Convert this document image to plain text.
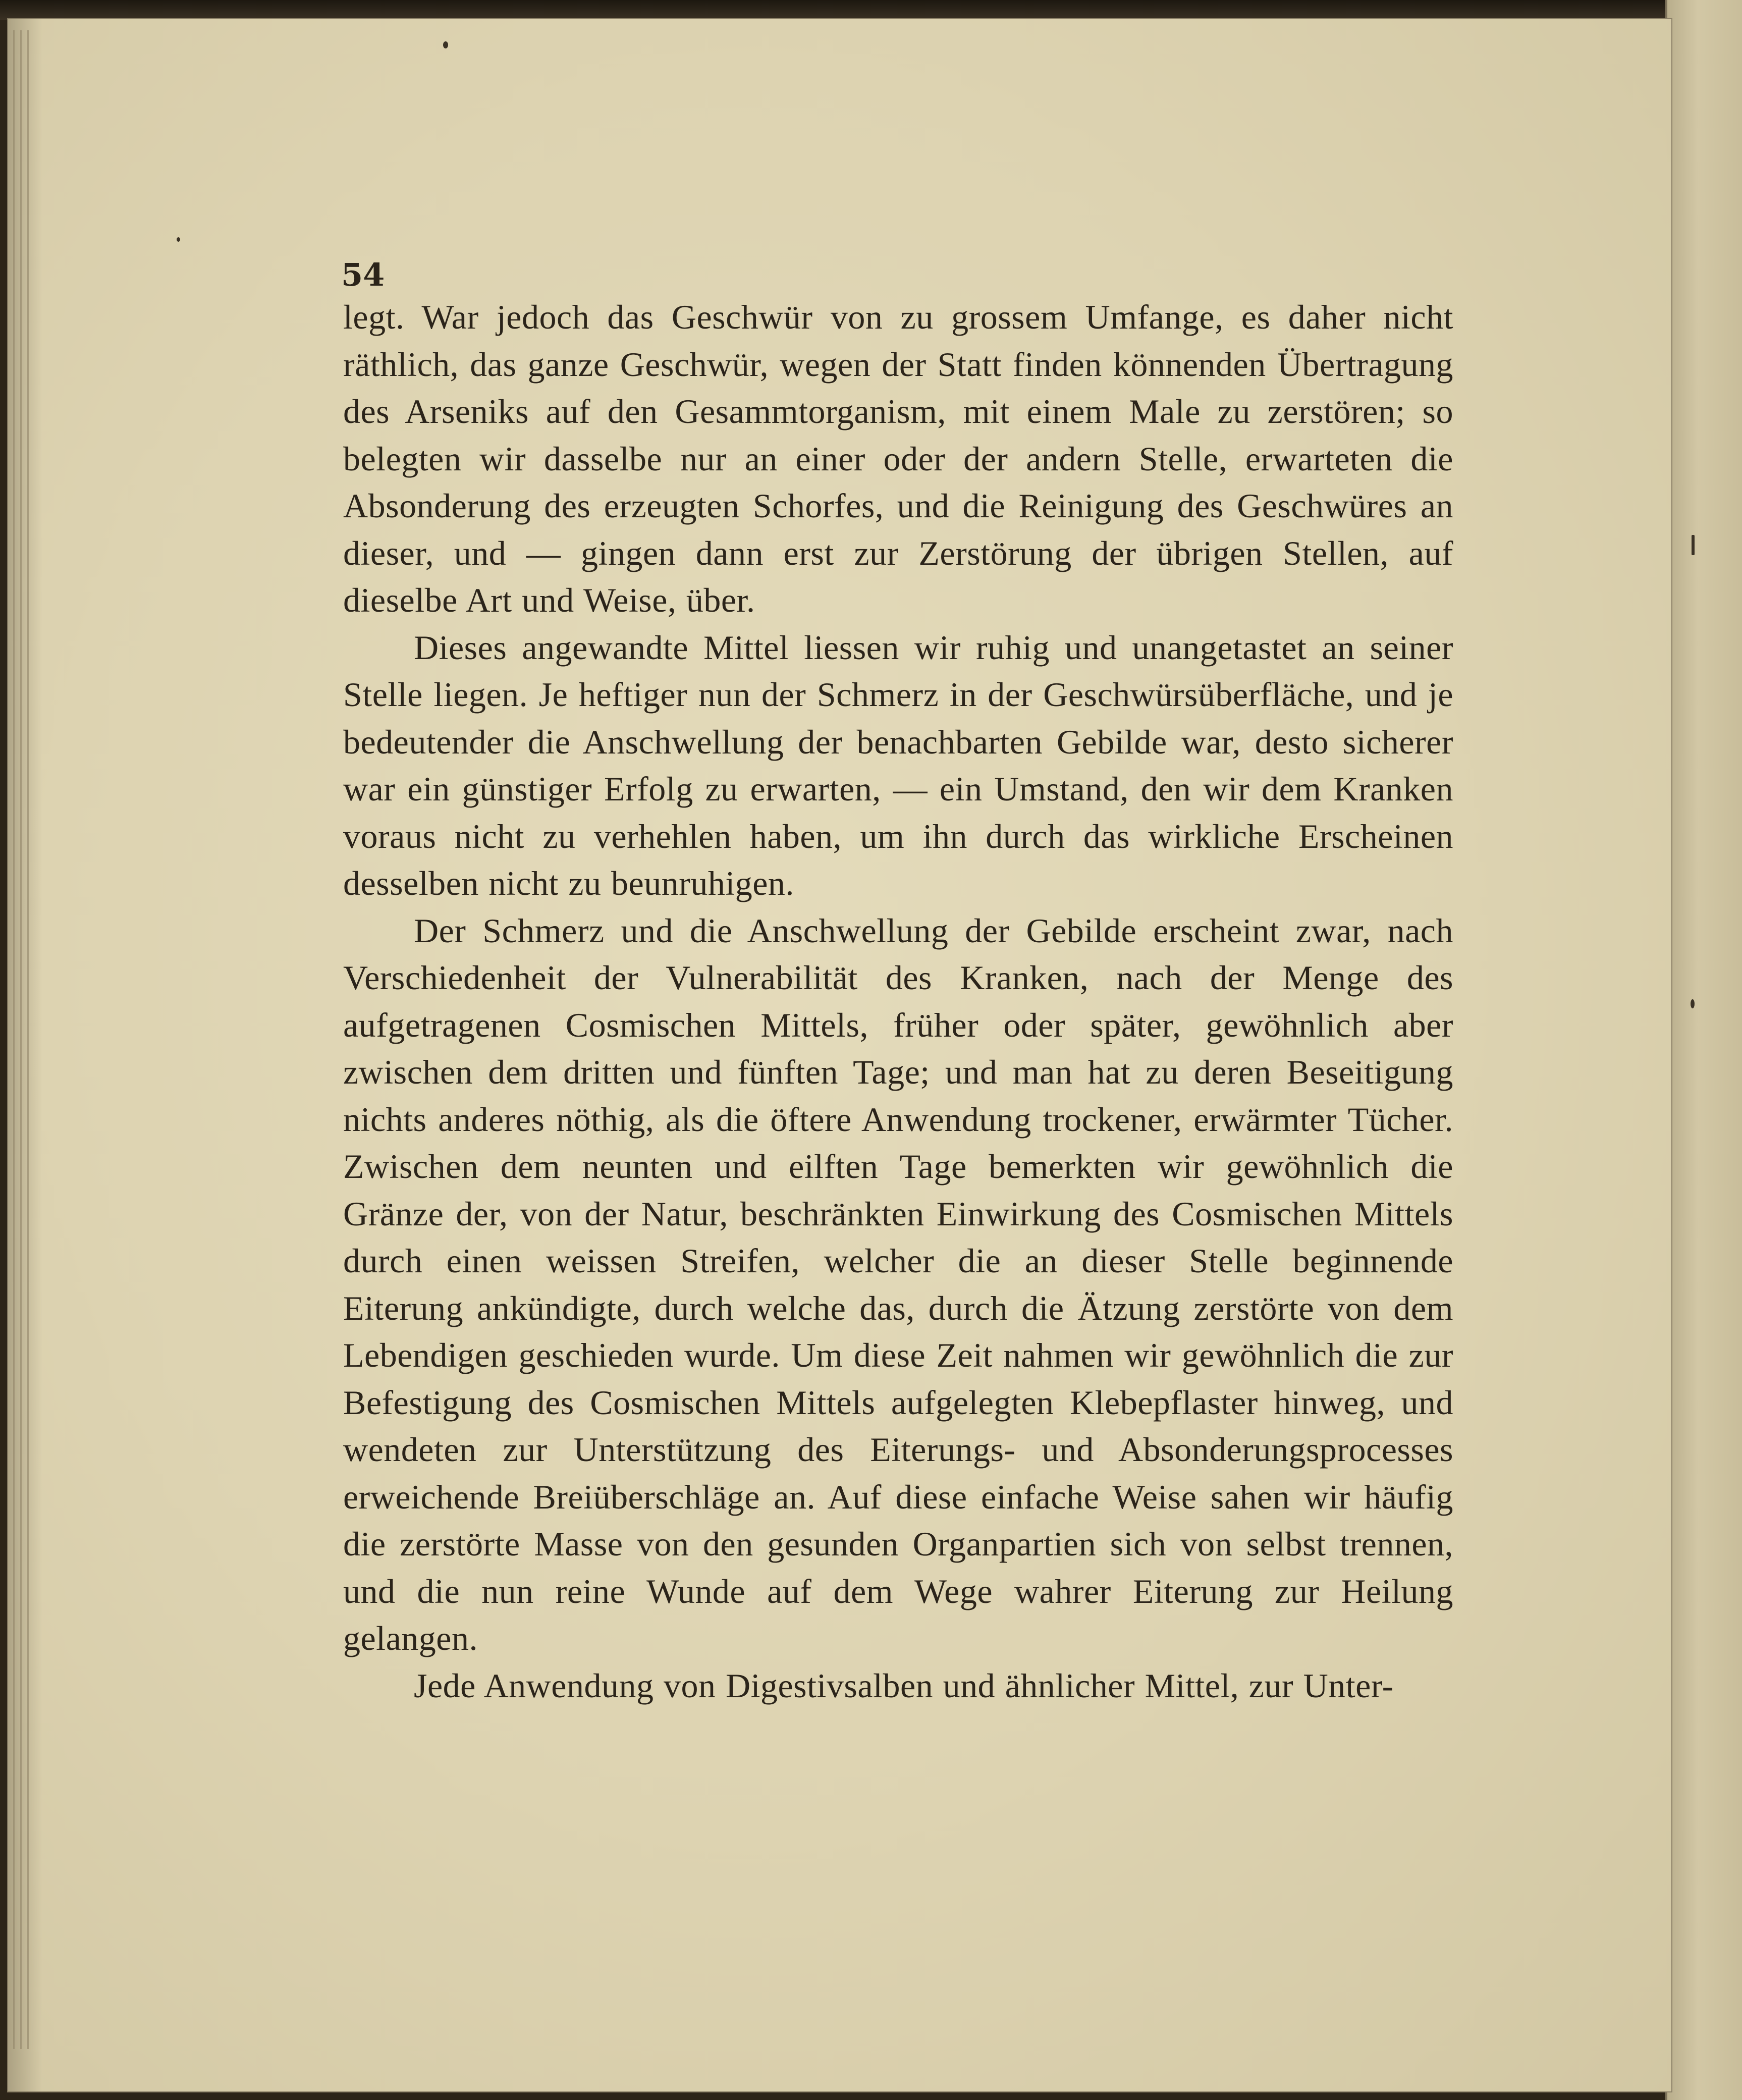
54

legt. War jedoch das Geschwür von zu grossem Umfange, es daher nicht räthlich, das ganze Geschwür, wegen der Statt finden könnenden Übertragung des Arseniks auf den Gesammtorganism, mit einem Male zu zerstören; so belegten wir dasselbe nur an einer oder der andern Stelle, erwarteten die Absonderung des erzeugten Schorfes, und die Reinigung des Geschwüres an dieser, und — gingen dann erst zur Zerstörung der übrigen Stellen, auf dieselbe Art und Weise, über.

Dieses angewandte Mittel liessen wir ruhig und unangetastet an seiner Stelle liegen. Je heftiger nun der Schmerz in der Geschwürsüberfläche, und je bedeutender die Anschwellung der benachbarten Gebilde war, desto sicherer war ein günstiger Erfolg zu erwarten, — ein Umstand, den wir dem Kranken voraus nicht zu verhehlen haben, um ihn durch das wirkliche Erscheinen desselben nicht zu beunruhigen.

Der Schmerz und die Anschwellung der Gebilde erscheint zwar, nach Verschiedenheit der Vulnerabilität des Kranken, nach der Menge des aufgetragenen Cosmischen Mittels, früher oder später, gewöhnlich aber zwischen dem dritten und fünften Tage; und man hat zu deren Beseitigung nichts anderes nöthig, als die öftere Anwendung trockener, erwärmter Tücher. Zwischen dem neunten und eilften Tage bemerkten wir gewöhnlich die Gränze der, von der Natur, beschränkten Einwirkung des Cosmischen Mittels durch einen weissen Streifen, welcher die an dieser Stelle beginnende Eiterung ankündigte, durch welche das, durch die Ätzung zerstörte von dem Lebendigen geschieden wurde. Um diese Zeit nahmen wir gewöhnlich die zur Befestigung des Cosmischen Mittels aufgelegten Klebepflaster hinweg, und wendeten zur Unterstützung des Eiterungs- und Absonderungsprocesses erweichende Breiüberschläge an. Auf diese einfache Weise sahen wir häufig die zerstörte Masse von den gesunden Organpartien sich von selbst trennen, und die nun reine Wunde auf dem Wege wahrer Eiterung zur Heilung gelangen.

Jede Anwendung von Digestivsalben und ähnlicher Mittel, zur Unter-
